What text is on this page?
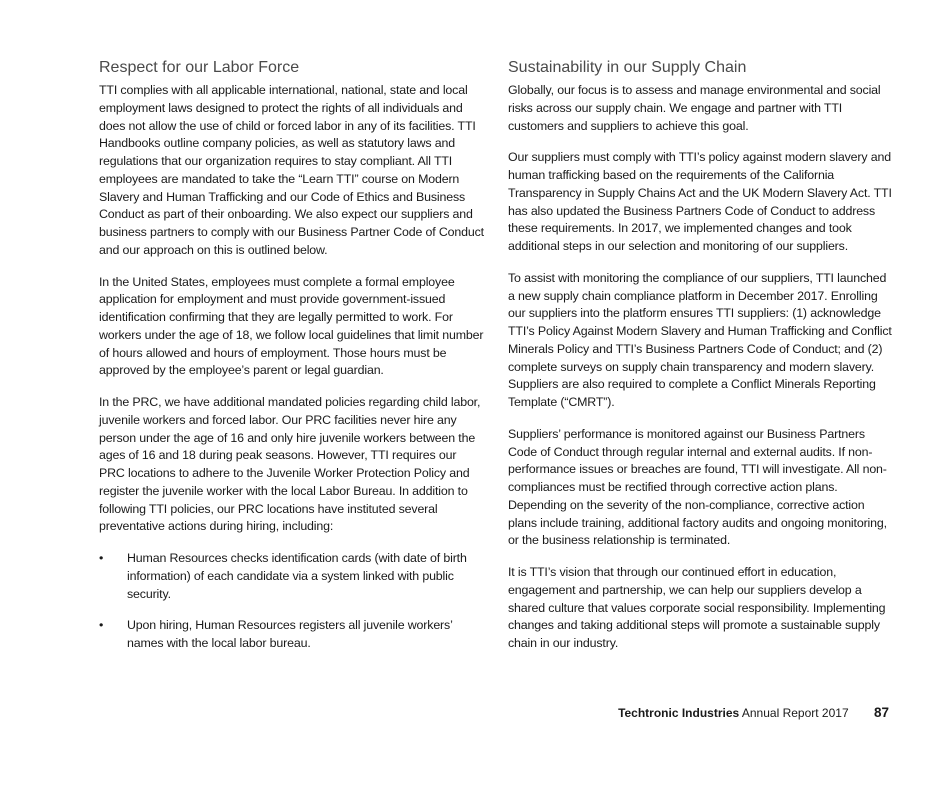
Respect for our Labor Force

TTI complies with all applicable international, national, state and local employment laws designed to protect the rights of all individuals and does not allow the use of child or forced labor in any of its facilities. TTI Handbooks outline company policies, as well as statutory laws and regulations that our organization requires to stay compliant. All TTI employees are mandated to take the “Learn TTI” course on Modern Slavery and Human Trafficking and our Code of Ethics and Business Conduct as part of their onboarding. We also expect our suppliers and business partners to comply with our Business Partner Code of Conduct and our approach on this is outlined below.

In the United States, employees must complete a formal employee application for employment and must provide government-issued identification confirming that they are legally permitted to work. For workers under the age of 18, we follow local guidelines that limit number of hours allowed and hours of employment. Those hours must be approved by the employee’s parent or legal guardian.

In the PRC, we have additional mandated policies regarding child labor, juvenile workers and forced labor. Our PRC facilities never hire any person under the age of 16 and only hire juvenile workers between the ages of 16 and 18 during peak seasons. However, TTI requires our PRC locations to adhere to the Juvenile Worker Protection Policy and register the juvenile worker with the local Labor Bureau. In addition to following TTI policies, our PRC locations have instituted several preventative actions during hiring, including:

• Human Resources checks identification cards (with date of birth information) of each candidate via a system linked with public security.
• Upon hiring, Human Resources registers all juvenile workers’ names with the local labor bureau.
Sustainability in our Supply Chain

Globally, our focus is to assess and manage environmental and social risks across our supply chain. We engage and partner with TTI customers and suppliers to achieve this goal.

Our suppliers must comply with TTI’s policy against modern slavery and human trafficking based on the requirements of the California Transparency in Supply Chains Act and the UK Modern Slavery Act. TTI has also updated the Business Partners Code of Conduct to address these requirements. In 2017, we implemented changes and took additional steps in our selection and monitoring of our suppliers.

To assist with monitoring the compliance of our suppliers, TTI launched a new supply chain compliance platform in December 2017. Enrolling our suppliers into the platform ensures TTI suppliers: (1) acknowledge TTI’s Policy Against Modern Slavery and Human Trafficking and Conflict Minerals Policy and TTI’s Business Partners Code of Conduct; and (2) complete surveys on supply chain transparency and modern slavery. Suppliers are also required to complete a Conflict Minerals Reporting Template (“CMRT”).

Suppliers’ performance is monitored against our Business Partners Code of Conduct through regular internal and external audits. If non-performance issues or breaches are found, TTI will investigate. All non-compliances must be rectified through corrective action plans. Depending on the severity of the non-compliance, corrective action plans include training, additional factory audits and ongoing monitoring, or the business relationship is terminated.

It is TTI’s vision that through our continued effort in education, engagement and partnership, we can help our suppliers develop a shared culture that values corporate social responsibility. Implementing changes and taking additional steps will promote a sustainable supply chain in our industry.

Techtronic Industries Annual Report 2017 87
